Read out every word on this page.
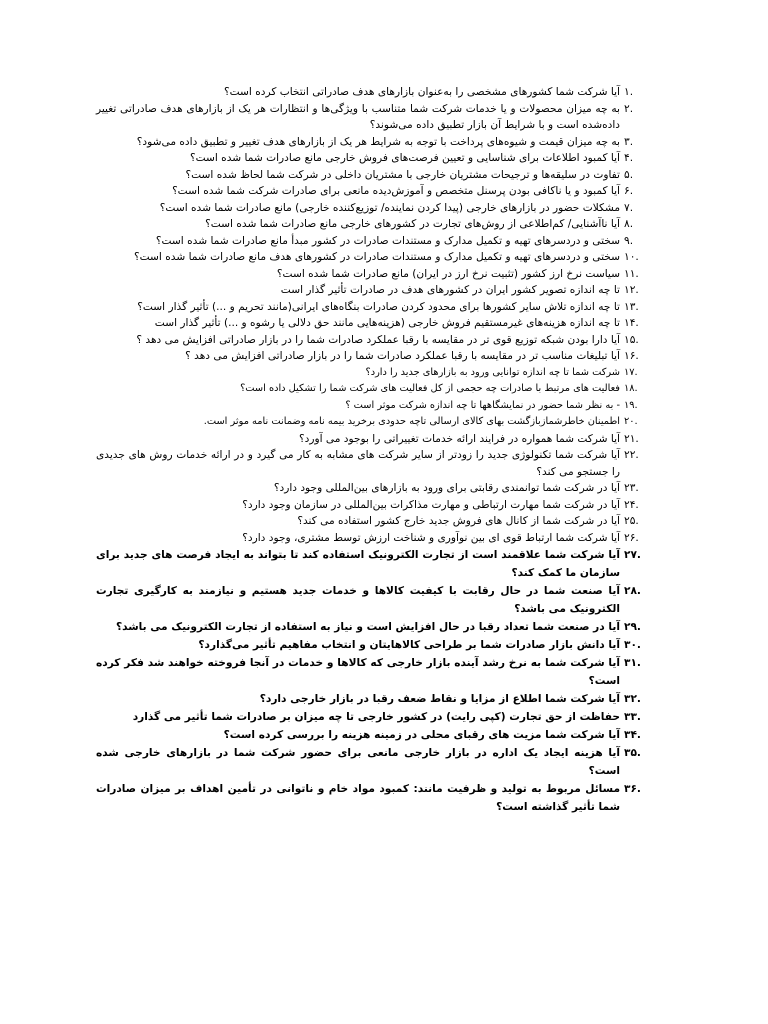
۱.
آیا شرکت شما کشورهای مشخصی را به‌عنوان بازارهای هدف صادراتی انتخاب کرده است؟
۲.
به چه میزان محصولات و یا خدمات شرکت شما متناسب با ویژگی‌ها و انتظارات هر یک از بازارهای هدف صادراتی تغییر دادەشده است و با شرایط آن بازار تطبیق داده می‌شوند؟
۳.
به چه میزان قیمت و شیوه‌های پرداخت با توجه به شرایط هر یک از بازارهای هدف تغییر و تطبیق داده می‌شود؟
۴.
آیا کمبود اطلاعات برای شناسایی و تعیین فرصت‌های فروش خارجی مانع صادرات شما شده است؟
۵.
تفاوت در سلیقه‌ها و ترجیحات مشتریان خارجی با مشتریان داخلی در شرکت شما لحاظ شده است؟
۶.
آیا کمبود و یا ناکافی بودن پرسنل متخصص و آموزش‌دیده مانعی برای صادرات شرکت شما شده است؟
۷.
مشکلات حضور در بازارهای خارجی (پیدا کردن نماینده/ توزیع‌کننده خارجی) مانع صادرات شما شده است؟
۸.
آیا ناآشنایی/ کم‌اطلاعی از روش‌های تجارت در کشورهای خارجی مانع صادرات شما شده است؟
۹.
سختی و دردسرهای تهیه و تکمیل مدارک و مستندات صادرات در کشور مبدأ مانع صادرات شما شده است؟
۱۰.
سختی و دردسرهای تهیه و تکمیل مدارک و مستندات صادرات در کشورهای هدف مانع صادرات شما شده است؟
۱۱.
سیاست نرخ ارز کشور (تثبیت نرخ ارز در ایران) مانع صادرات شما شده است؟
۱۲.
تا چه اندازه تصویر کشور ایران در کشورهای هدف در صادرات تأثیر گذار است
۱۳.
تا چه اندازه تلاش سایر کشورها برای محدود کردن صادرات بنگاه‌های ایرانی(مانند تحریم و ...) تأثیر گذار است؟
۱۴.
تا چه اندازه هزینه‌های غیرمستقیم فروش خارجی (هزینه‌هایی مانند حق دلالی یا رشوه و ...) تأثیر گذار است
۱۵.
آیا دارا بودن شبکه توزیع قوی تر در مقایسه با رقبا عملکرد صادرات شما را در بازار صادراتی افزایش می دهد ؟
۱۶.
آیا تبلیغات مناسب تر در مقایسه با رقبا عملکرد صادرات شما را در بازار صادراتی افزایش می دهد ؟
۱۷.
شرکت شما تا چه اندازه توانایی ورود به بازارهای جدید را دارد؟
۱۸.
فعالیت های مرتبط با صادرات چه حجمی از کل فعالیت های شرکت شما را تشکیل داده است؟
۱۹.
- به نظر شما حضور در نمایشگاهها تا چه اندازه شرکت موثر است ؟
۲۰.
اطمینان خاطرشمازبازگشت بهای کالای ارسالی تاچه حدودی برخرید بیمه نامه وضمانت نامه موثر است.
۲۱.
آیا شرکت شما همواره در فرایند ارائه خدمات تغییراتی را بوجود می آورد؟
۲۲.
آیا شرکت شما تکنولوژی جدید را زودتر از سایر شرکت های مشابه به کار می گیرد و در ارائه خدمات روش های جدیدی را جستجو می کند؟
۲۳.
آیا در شرکت شما توانمندی رقابتی برای ورود به بازارهای بین‌المللی وجود دارد؟
۲۴.
آیا در شرکت شما مهارت ارتباطی و مهارت مذاکرات بین‌المللی در سازمان وجود دارد؟
۲۵.
آیا در شرکت شما از کانال های فروش جدید خارج کشور استفاده می کند؟
۲۶.
آیا شرکت شما ارتباط قوی ای بین نوآوری و شناخت ارزش توسط مشتری، وجود دارد؟
۲۷.
آیا شرکت شما علاقمند است از تجارت الکترونیک استفاده کند تا بتواند به ایجاد فرصت های جدید برای سازمان ما کمک کند؟
۲۸.
آیا صنعت شما در حال رقابت با کیفیت کالاها و خدمات جدید هستیم و نیازمند به کارگیری تجارت الکترونیک می باشد؟
۲۹.
آیا در صنعت شما تعداد رقبا در حال افزایش است و نیاز به استفاده از تجارت الکترونیک می باشد؟
۳۰.
آیا دانش بازار صادرات شما بر طراحی کالاهایتان و انتخاب مفاهیم تأثیر می‌گذارد؟
۳۱.
آیا شرکت شما به نرخ رشد آینده بازار خارجی که کالاها و خدمات در آنجا فروخته خواهند شد فکر کرده است؟
۳۲.
آیا شرکت شما اطلاع از مزایا و نقاط ضعف رقبا در بازار خارجی دارد؟
۳۳.
حفاظت از حق تجارت (کپی رایت) در کشور خارجی تا چه میزان بر صادرات شما تأثیر می گذارد
۳۴.
آیا شرکت شما مزیت های رقبای محلی در زمینه هزینه را بررسی کرده است؟
۳۵.
آیا هزینه ایجاد یک اداره در بازار خارجی مانعی برای حضور شرکت شما در بازارهای خارجی شده است؟
۳۶.
مسائل مربوط به تولید و ظرفیت مانند: کمبود مواد خام و ناتوانی در تأمین اهداف بر میزان صادرات شما تأثیر گذاشته است؟
